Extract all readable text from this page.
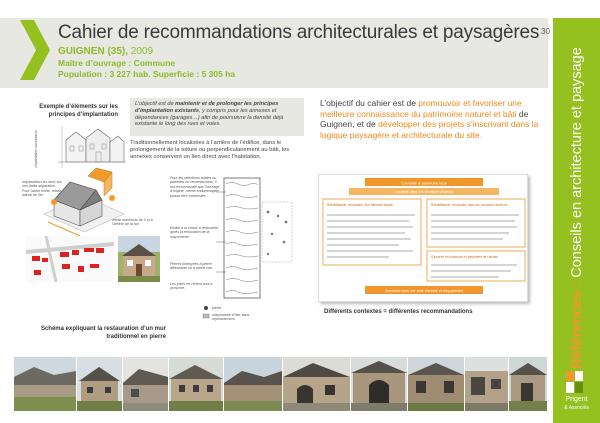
Cahier de recommandations architecturales et paysagères
GUIGNEN (35), 2009
Maître d’ouvrage : Commune
Population : 3 227 hab. Superficie : 5 305 ha
30
Références : Conseils en architecture et paysage
Prigent
& Associés
Exemple d’éléments sur les principes d’implantation
L’objectif est de maintenir et de prolonger les principes d’implantation existants, y compris pour les annexes et dépendances (garages…) afin de poursuivre la densité déjà existante le long des rues et voies.
Traditionnellement localisées à l’arrière de l’édifice, dans le prolongement de la toiture ou perpendiculairement au bâti, les annexes conservent un lien direct avec l’habitation.
implantation successive
Implantation au nord, sur une limite séparative. Pour l’autre limite, retrait latéral de 3m
retrait maximum de 3 m à l’arrière de la rue
Pour les réfections totales ou partielles ou reconstruction, il est recommandé que l’ouvrage d’origine, même endommagée, puisse être conservée...
Enduit à la chaux à renouveler après la rénovation de la maçonnerie.
Pierres jointoyées à pierre affleurante ou à pierre vue.
Les joints en ciment sont à proscrire.
pierre
maçonnerie d’hier sans rejointoiement
Schéma expliquant la restauration d’un mur traditionnel en pierre
L’objectif du cahier est de promouvoir et favoriser une meilleure connaissance du patrimoine naturel et bâti de Guignen, et de développer des projets s’inscrivant dans la logique paysagère et architecturale du site.
Connaître le patrimoine local
Contexte dans des situations d’habitat
Réhabilitation, rénovation d’un bâtiment ancien	Réhabilitation, rénovation dans les nouveaux secteurs
S’inscrire et construire en périphérie de l’ancien
Construire dans une zone d’activité et d’équipement
Différents contextes = différentes recommandations
